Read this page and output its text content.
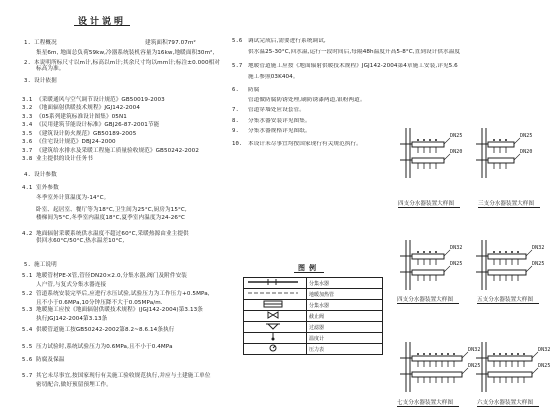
设计说明
建筑面积797.07m²
1. 工程概况
集星6m, 地面总负荷59kw,冷器系统装机容量为16kw,地暖面积30m²,
2. 本说明所标尺寸以m计,标高以m计;其余尺寸均以mm计;标注±0.000相对
标高为准。
3. 设计依据
3.1 《采暖通风与空气调节设计规范》GB50019-2003
3.2 《地面辐射供暖技术规程》JGJ142-2004
3.3 《05系列建筑标准设计图集》05N1
3.4 《民用建筑节能设计标准》GBJ26-87-2001节能
3.5 《建筑设计防火规范》GB50189-2005
3.6 《住宅设计规范》DBJ24-2000
3.7 《建筑给水排水及采暖工程施工质量验收规范》GB50242-2002
3.8 业主提供的设计任务书
4. 设计参数
4.1 室外参数
冬季室外计算温度为-14°C。
卧室、起居室、餐厅等为18°C,卫生间为25°C,厨房为15°C,
楼梯间为5°C,冬季室内温度18°C,夏季室内温度为24-26°C
4.2 地面辐射采暖系统供水温度不超过60°C,采暖热源由业主提供
供回水60°C/50°C,热水温差10°C,
5. 施工说明
5.1 地暖管材PE-X管,管径DN20×2.0,分集水器,阀门及附件安装
人户管,与复式分集水器连接
5.2 管道系统安装完毕后,应进行水压试验,试验压力为工作压力+0.5MPa,
且不小于0.6MPa,10分钟压降不大于0.05MPa/m.
5.3 地暖施工应按《地面辐射供暖技术规程》(JGJ142-2004)第3.13条
执行JGJ142-2004第3.13条
5.4 供暖管道施工按GB50242-2002第8.2~8.6.14条执行
5.5 压力试验时,系统试验压力为0.6MPa,且不小于0.4MPa
5.6 防腐及保温
5.7 其它未尽事宜,按国家现行有关施工验收规范执行,并应与土建施工单位
密切配合,做好预留预埋工作。
5.6 调试完成后,需要进行系统调试,
供水温25-30°C,回水温,运行一段时间后,每隔48h温度升高5-8°C,直到设计供水温度
5.7 地暖管道施工应按《地面辐射供暖技术规程》JGJ142-2004第4章施工安装,详见5.6
施工参照03K404。
6. 防腐
管道做防腐防锈处理,刷防锈漆两道,银粉两道。
7. 管道穿墙处应设套管。
8. 分集水器安装详见图集。
9. 分集水器规格详见图纸。
10. 本设计未尽事宜均按国家现行有关规范执行。
图例
	分集水器
	地暖加热管
	分集水器
	截止阀
	过滤器
	温度计
	压力表
DN25
DN20
四支分水器装置大样图
DN25
DN20
三支分水器装置大样图
DN32
DN25
四支分水器装置大样图
DN32
DN25
五支分水器装置大样图
DN32
DN25
七支分水器装置大样图
DN32
DN25
六支分水器装置大样图
